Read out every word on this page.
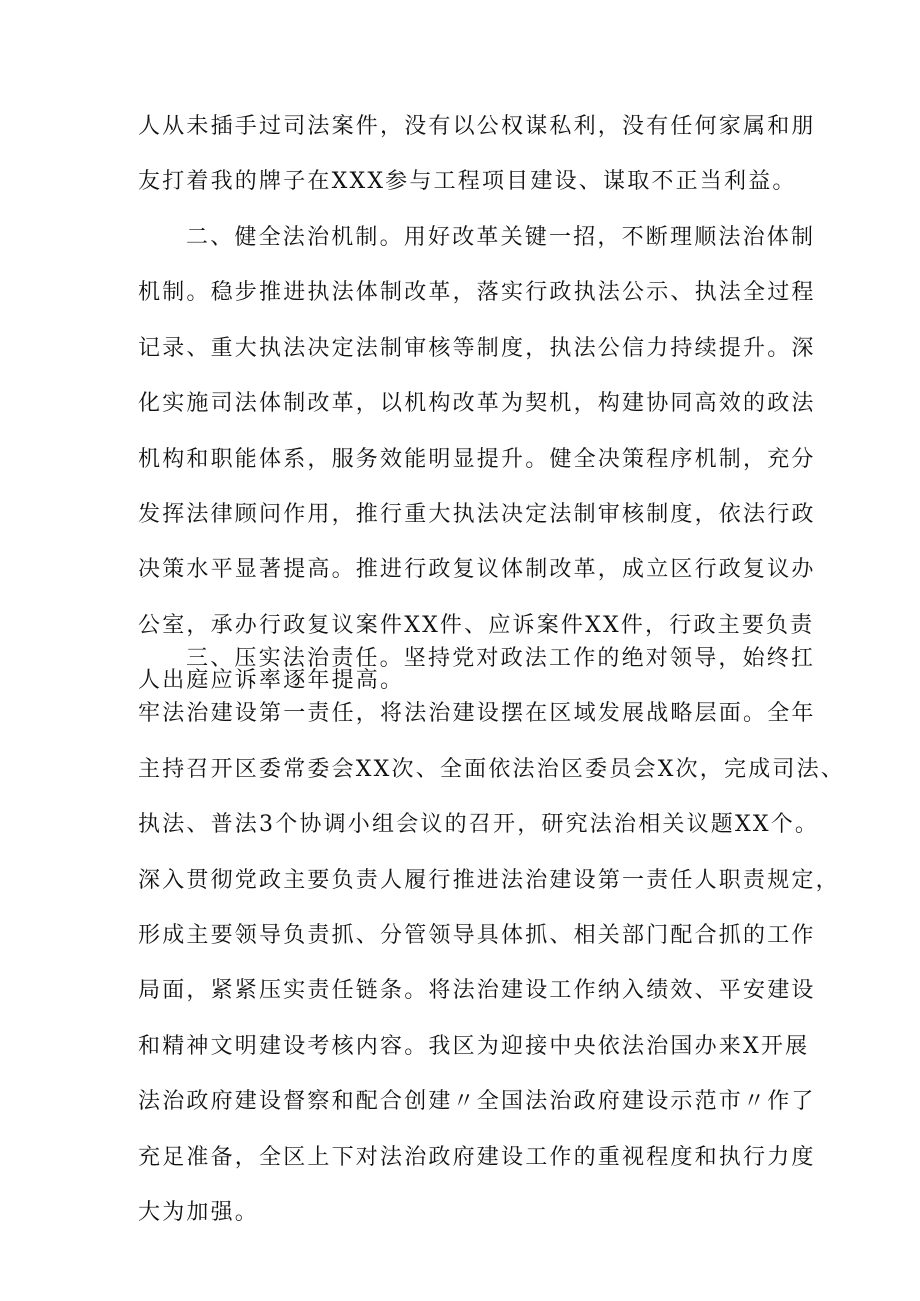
人从未插手过司法案件，没有以公权谋私利，没有任何家属和朋
友打着我的牌子在XXX参与工程项目建设、谋取不正当利益。
二、健全法治机制。用好改革关键一招，不断理顺法治体制
机制。稳步推进执法体制改革，落实行政执法公示、执法全过程
记录、重大执法决定法制审核等制度，执法公信力持续提升。深
化实施司法体制改革，以机构改革为契机，构建协同高效的政法
机构和职能体系，服务效能明显提升。健全决策程序机制，充分
发挥法律顾问作用，推行重大执法决定法制审核制度，依法行政
决策水平显著提高。推进行政复议体制改革，成立区行政复议办
公室，承办行政复议案件XX件、应诉案件XX件，行政主要负责
人出庭应诉率逐年提高。
三、压实法治责任。坚持党对政法工作的绝对领导，始终扛
牢法治建设第一责任，将法治建设摆在区域发展战略层面。全年
主持召开区委常委会XX次、全面依法治区委员会X次，完成司法、
执法、普法3个协调小组会议的召开，研究法治相关议题XX个。
深入贯彻党政主要负责人履行推进法治建设第一责任人职责规定，
形成主要领导负责抓、分管领导具体抓、相关部门配合抓的工作
局面，紧紧压实责任链条。将法治建设工作纳入绩效、平安建设
和精神文明建设考核内容。我区为迎接中央依法治国办来X开展
法治政府建设督察和配合创建〃全国法治政府建设示范市〃作了
充足准备，全区上下对法治政府建设工作的重视程度和执行力度
大为加强。
